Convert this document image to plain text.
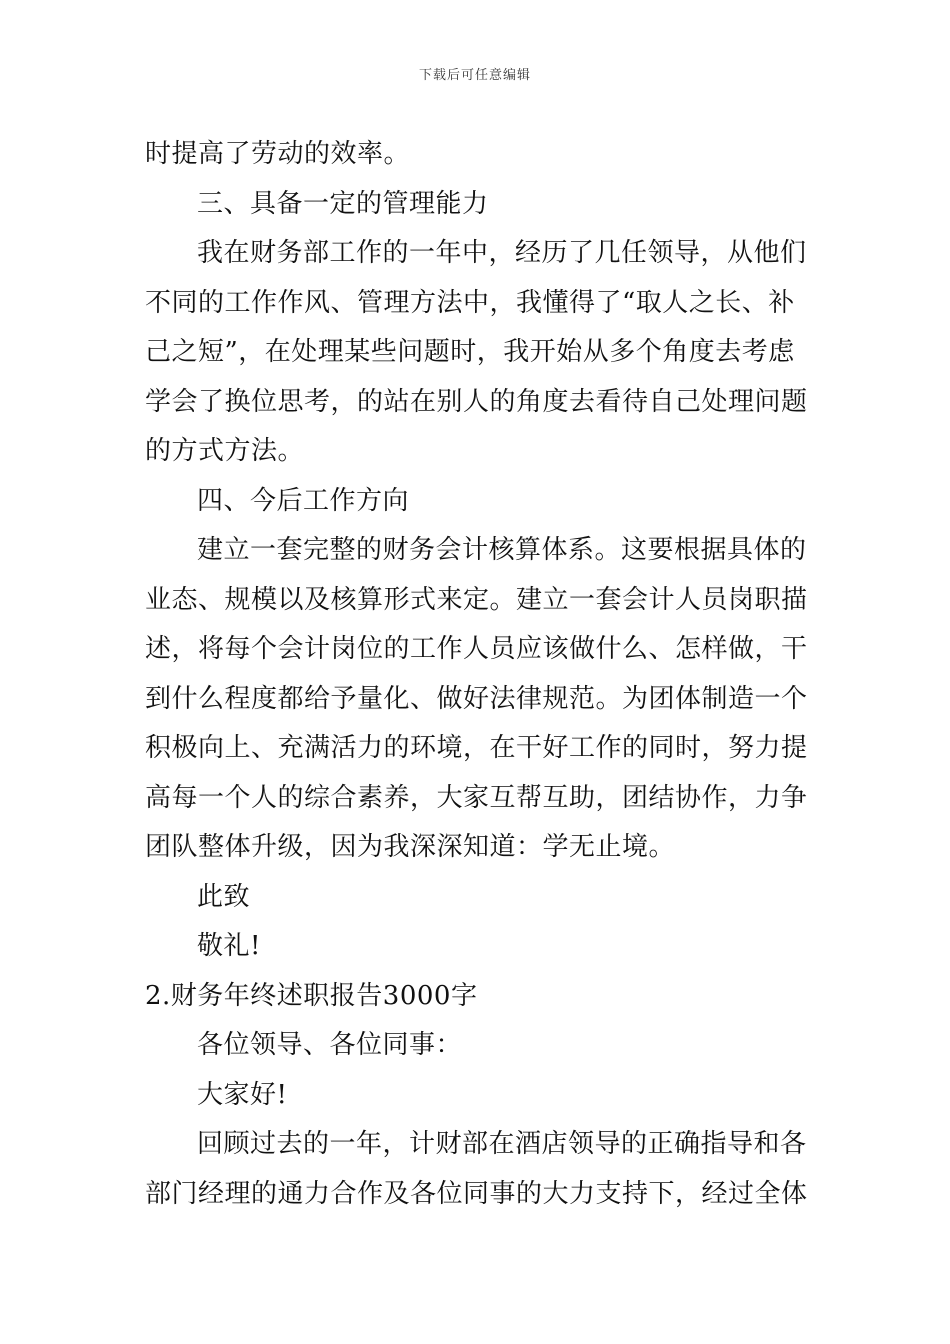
下载后可任意编辑
时提高了劳动的效率。
三、具备一定的管理能力
我在财务部工作的一年中，经历了几任领导，从他们
不同的工作作风、管理方法中，我懂得了“取人之长、补
己之短”，在处理某些问题时，我开始从多个角度去考虑
学会了换位思考，的站在别人的角度去看待自己处理问题
的方式方法。
四、今后工作方向
建立一套完整的财务会计核算体系。这要根据具体的
业态、规模以及核算形式来定。建立一套会计人员岗职描
述，将每个会计岗位的工作人员应该做什么、怎样做，干
到什么程度都给予量化、做好法律规范。为团体制造一个
积极向上、充满活力的环境，在干好工作的同时，努力提
高每一个人的综合素养，大家互帮互助，团结协作，力争
团队整体升级，因为我深深知道：学无止境。
此致
敬礼!
2.财务年终述职报告3000字
各位领导、各位同事：
大家好!
回顾过去的一年，计财部在酒店领导的正确指导和各
部门经理的通力合作及各位同事的大力支持下，经过全体
